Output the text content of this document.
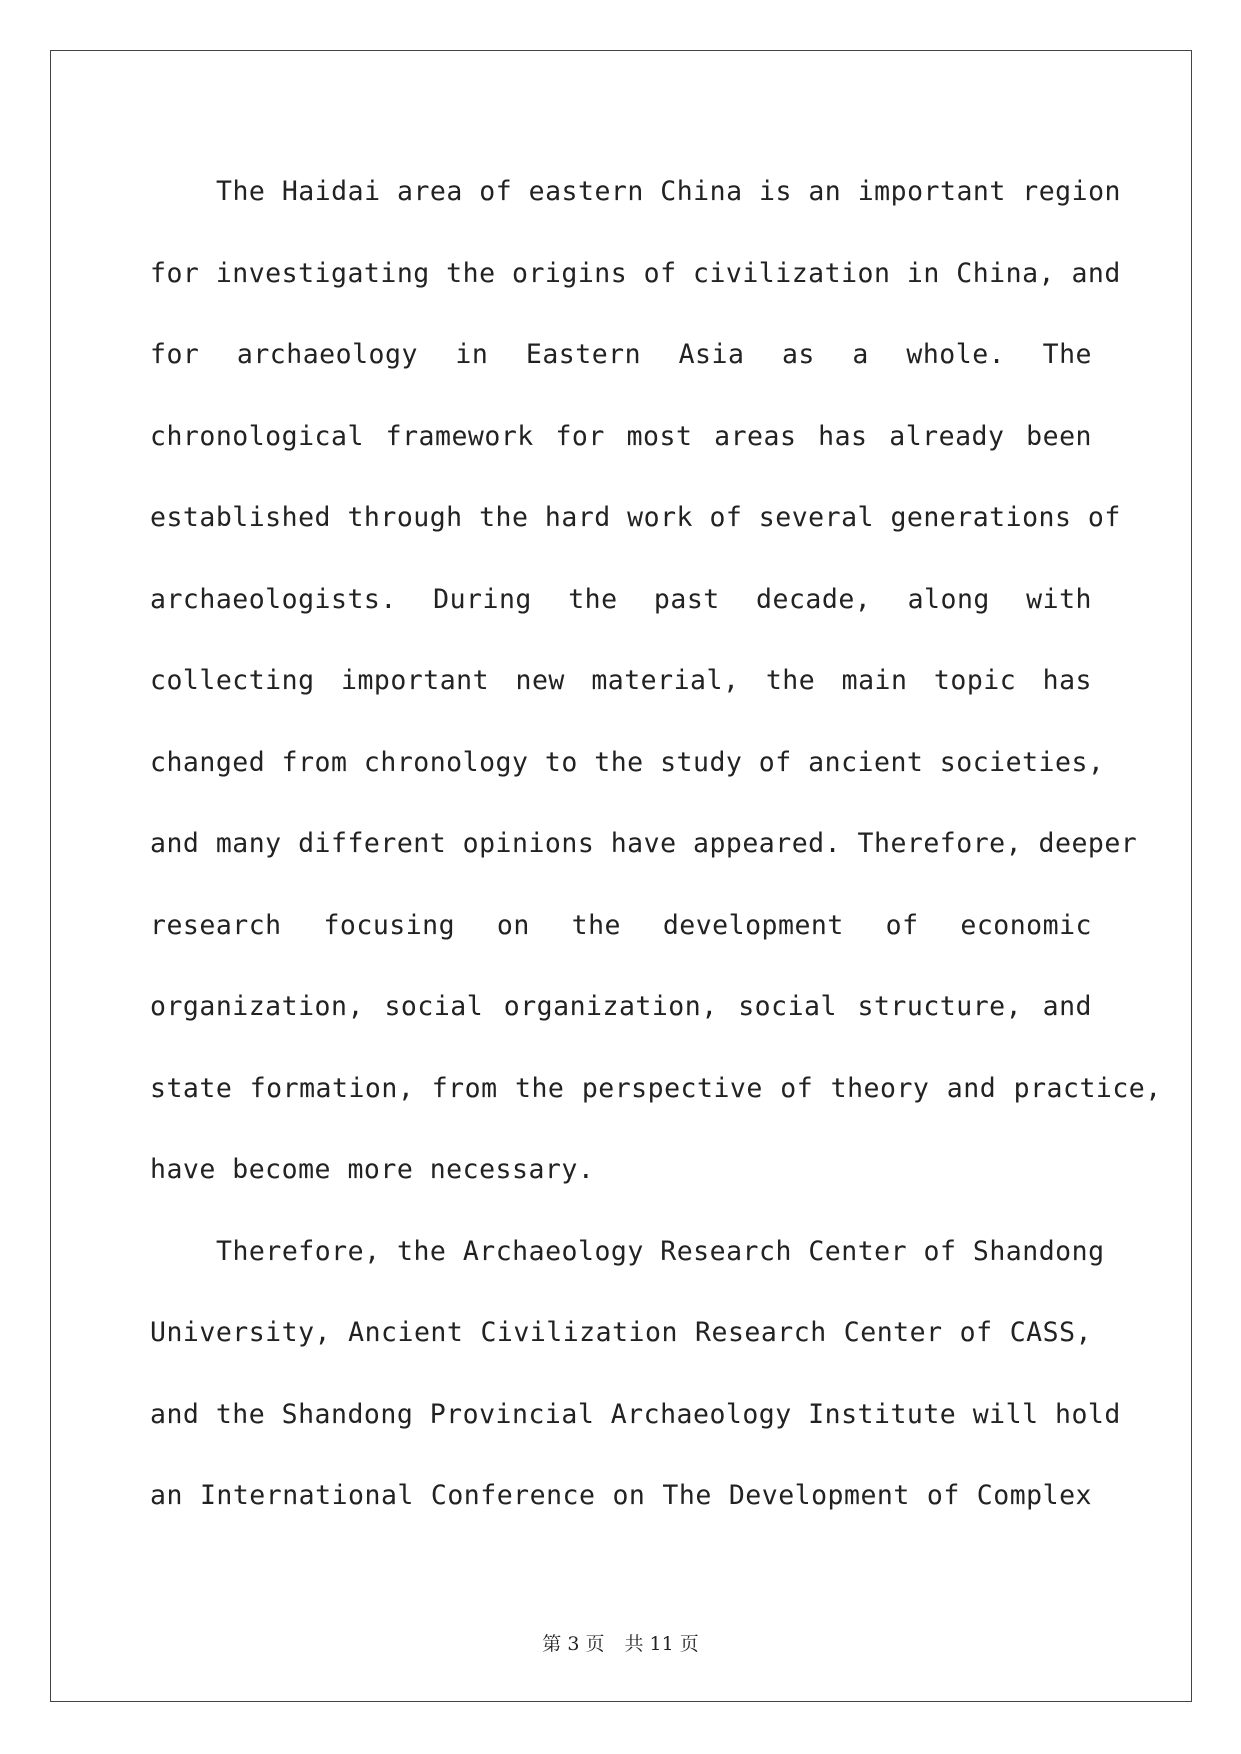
The Haidai area of eastern China is an important region
for investigating the origins of civilization in China, and
for archaeology in Eastern Asia as a whole. The
chronological framework for most areas has already been
established through the hard work of several generations of
archaeologists. During the past decade, along with
collecting important new material, the main topic has
changed from chronology to the study of ancient societies,
and many different opinions have appeared. Therefore, deeper
research focusing on the development of economic
organization, social organization, social structure, and
state formation, from the perspective of theory and practice,
have become more necessary.
Therefore, the Archaeology Research Center of Shandong
University, Ancient Civilization Research Center of CASS,
and the Shandong Provincial Archaeology Institute will hold
an International Conference on The Development of Complex
第 3 页 共 11 页
